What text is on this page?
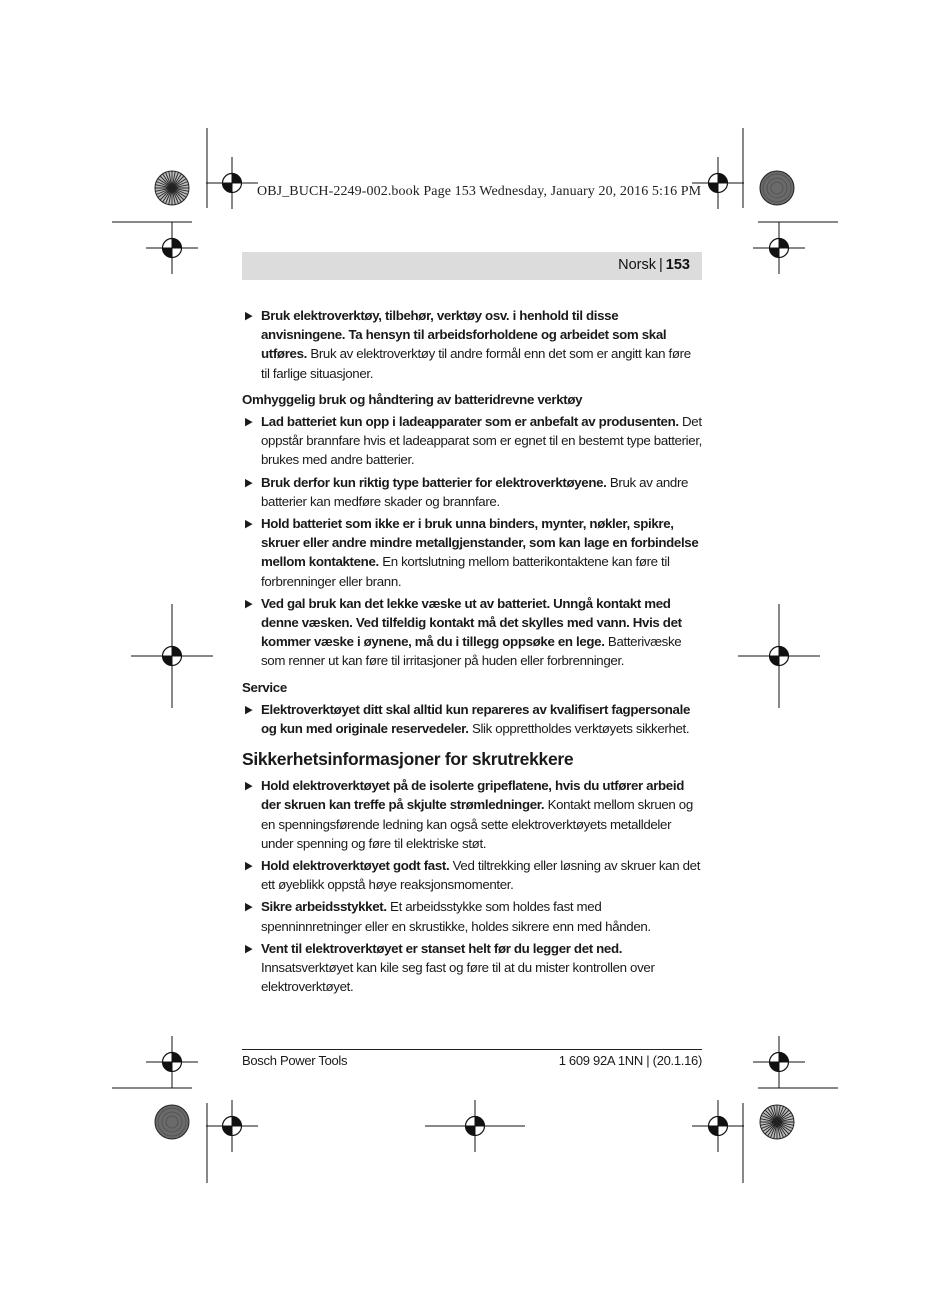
OBJ_BUCH-2249-002.book Page 153 Wednesday, January 20, 2016 5:16 PM
Norsk | 153
▶ Bruk elektroverktøy, tilbehør, verktøy osv. i henhold til disse anvisningene. Ta hensyn til arbeidsforholdene og arbeidet som skal utføres. Bruk av elektroverktøy til andre formål enn det som er angitt kan føre til farlige situasjoner.
Omhyggelig bruk og håndtering av batteridrevne verktøy
▶ Lad batteriet kun opp i ladeapparater som er anbefalt av produsenten. Det oppstår brannfare hvis et ladeapparat som er egnet til en bestemt type batterier, brukes med andre batterier.
▶ Bruk derfor kun riktig type batterier for elektroverktøyene. Bruk av andre batterier kan medføre skader og brannfare.
▶ Hold batteriet som ikke er i bruk unna binders, mynter, nøkler, spikre, skruer eller andre mindre metallgjenstander, som kan lage en forbindelse mellom kontaktene. En kortslutning mellom batterikontaktene kan føre til forbrenninger eller brann.
▶ Ved gal bruk kan det lekke væske ut av batteriet. Unngå kontakt med denne væsken. Ved tilfeldig kontakt må det skylles med vann. Hvis det kommer væske i øynene, må du i tillegg oppsøke en lege. Batterivæske som renner ut kan føre til irritasjoner på huden eller forbrenninger.
Service
▶ Elektroverktøyet ditt skal alltid kun repareres av kvalifisert fagpersonale og kun med originale reservedeler. Slik opprettholdes verktøyets sikkerhet.
Sikkerhetsinformasjoner for skrutrekkere
▶ Hold elektroverktøyet på de isolerte gripeflatene, hvis du utfører arbeid der skruen kan treffe på skjulte strømledninger. Kontakt mellom skruen og en spenningsførende ledning kan også sette elektroverktøyets metalldeler under spenning og føre til elektriske støt.
▶ Hold elektroverktøyet godt fast. Ved tiltrekking eller løsning av skruer kan det ett øyeblikk oppstå høye reaksjonsmomenter.
▶ Sikre arbeidsstykket. Et arbeidsstykke som holdes fast med spenninnretninger eller en skrustikke, holdes sikrere enn med hånden.
▶ Vent til elektroverktøyet er stanset helt før du legger det ned. Innsatsverktøyet kan kile seg fast og føre til at du mister kontrollen over elektroverktøyet.
Bosch Power Tools	1 609 92A 1NN | (20.1.16)
